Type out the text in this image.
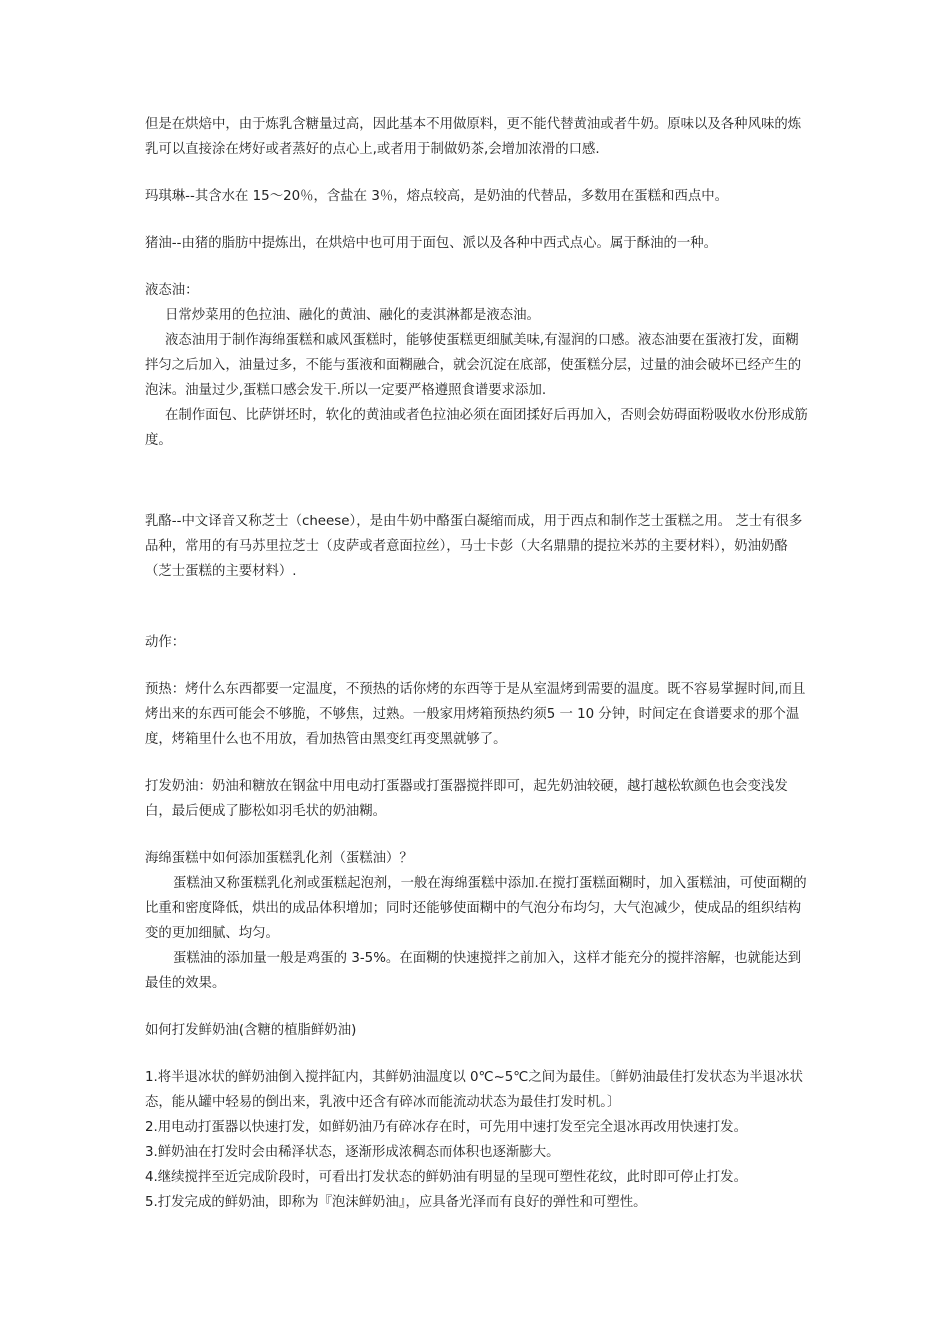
但是在烘焙中，由于炼乳含糖量过高，因此基本不用做原料，更不能代替黄油或者牛奶。原味以及各种风味的炼乳可以直接涂在烤好或者蒸好的点心上,或者用于制做奶茶,会增加浓滑的口感.

玛琪琳--其含水在 15～20％，含盐在 3％，熔点较高，是奶油的代替品，多数用在蛋糕和西点中。

猪油--由猪的脂肪中提炼出，在烘焙中也可用于面包、派以及各种中西式点心。属于酥油的一种。

液态油：

日常炒菜用的色拉油、融化的黄油、融化的麦淇淋都是液态油。

液态油用于制作海绵蛋糕和戚风蛋糕时，能够使蛋糕更细腻美味,有湿润的口感。液态油要在蛋液打发，面糊拌匀之后加入，油量过多，不能与蛋液和面糊融合，就会沉淀在底部，使蛋糕分层，过量的油会破坏已经产生的泡沫。油量过少,蛋糕口感会发干.所以一定要严格遵照食谱要求添加.

在制作面包、比萨饼坯时，软化的黄油或者色拉油必须在面团揉好后再加入，否则会妨碍面粉吸收水份形成筋度。

乳酪--中文译音又称芝士（cheese），是由牛奶中酪蛋白凝缩而成，用于西点和制作芝士蛋糕之用。 芝士有很多品种，常用的有马苏里拉芝士（皮萨或者意面拉丝），马士卡彭（大名鼎鼎的提拉米苏的主要材料），奶油奶酪（芝士蛋糕的主要材料）.

动作：

预热：烤什么东西都要一定温度，不预热的话你烤的东西等于是从室温烤到需要的温度。既不容易掌握时间,而且烤出来的东西可能会不够脆，不够焦，过熟。一般家用烤箱预热约须5 一 10 分钟，时间定在食谱要求的那个温度，烤箱里什么也不用放，看加热管由黑变红再变黑就够了。

打发奶油：奶油和糖放在钢盆中用电动打蛋器或打蛋器搅拌即可，起先奶油较硬，越打越松软颜色也会变浅发白，最后便成了膨松如羽毛状的奶油糊。

海绵蛋糕中如何添加蛋糕乳化剂（蛋糕油）？

蛋糕油又称蛋糕乳化剂或蛋糕起泡剂，一般在海绵蛋糕中添加.在搅打蛋糕面糊时，加入蛋糕油，可使面糊的比重和密度降低，烘出的成品体积增加；同时还能够使面糊中的气泡分布均匀，大气泡减少，使成品的组织结构变的更加细腻、均匀。

蛋糕油的添加量一般是鸡蛋的 3-5%。在面糊的快速搅拌之前加入，这样才能充分的搅拌溶解，也就能达到最佳的效果。

如何打发鲜奶油(含糖的植脂鲜奶油)

1.将半退冰状的鲜奶油倒入搅拌缸内，其鲜奶油温度以 0℃~5℃之间为最佳。〔鲜奶油最佳打发状态为半退冰状态，能从罐中轻易的倒出来，乳液中还含有碎冰而能流动状态为最佳打发时机。〕

2.用电动打蛋器以快速打发，如鲜奶油乃有碎冰存在时，可先用中速打发至完全退冰再改用快速打发。

3.鲜奶油在打发时会由稀泽状态，逐渐形成浓稠态而体积也逐渐膨大。

4.继续搅拌至近完成阶段时，可看出打发状态的鲜奶油有明显的呈现可塑性花纹，此时即可停止打发。

5.打发完成的鲜奶油，即称为『泡沫鲜奶油』，应具备光泽而有良好的弹性和可塑性。
